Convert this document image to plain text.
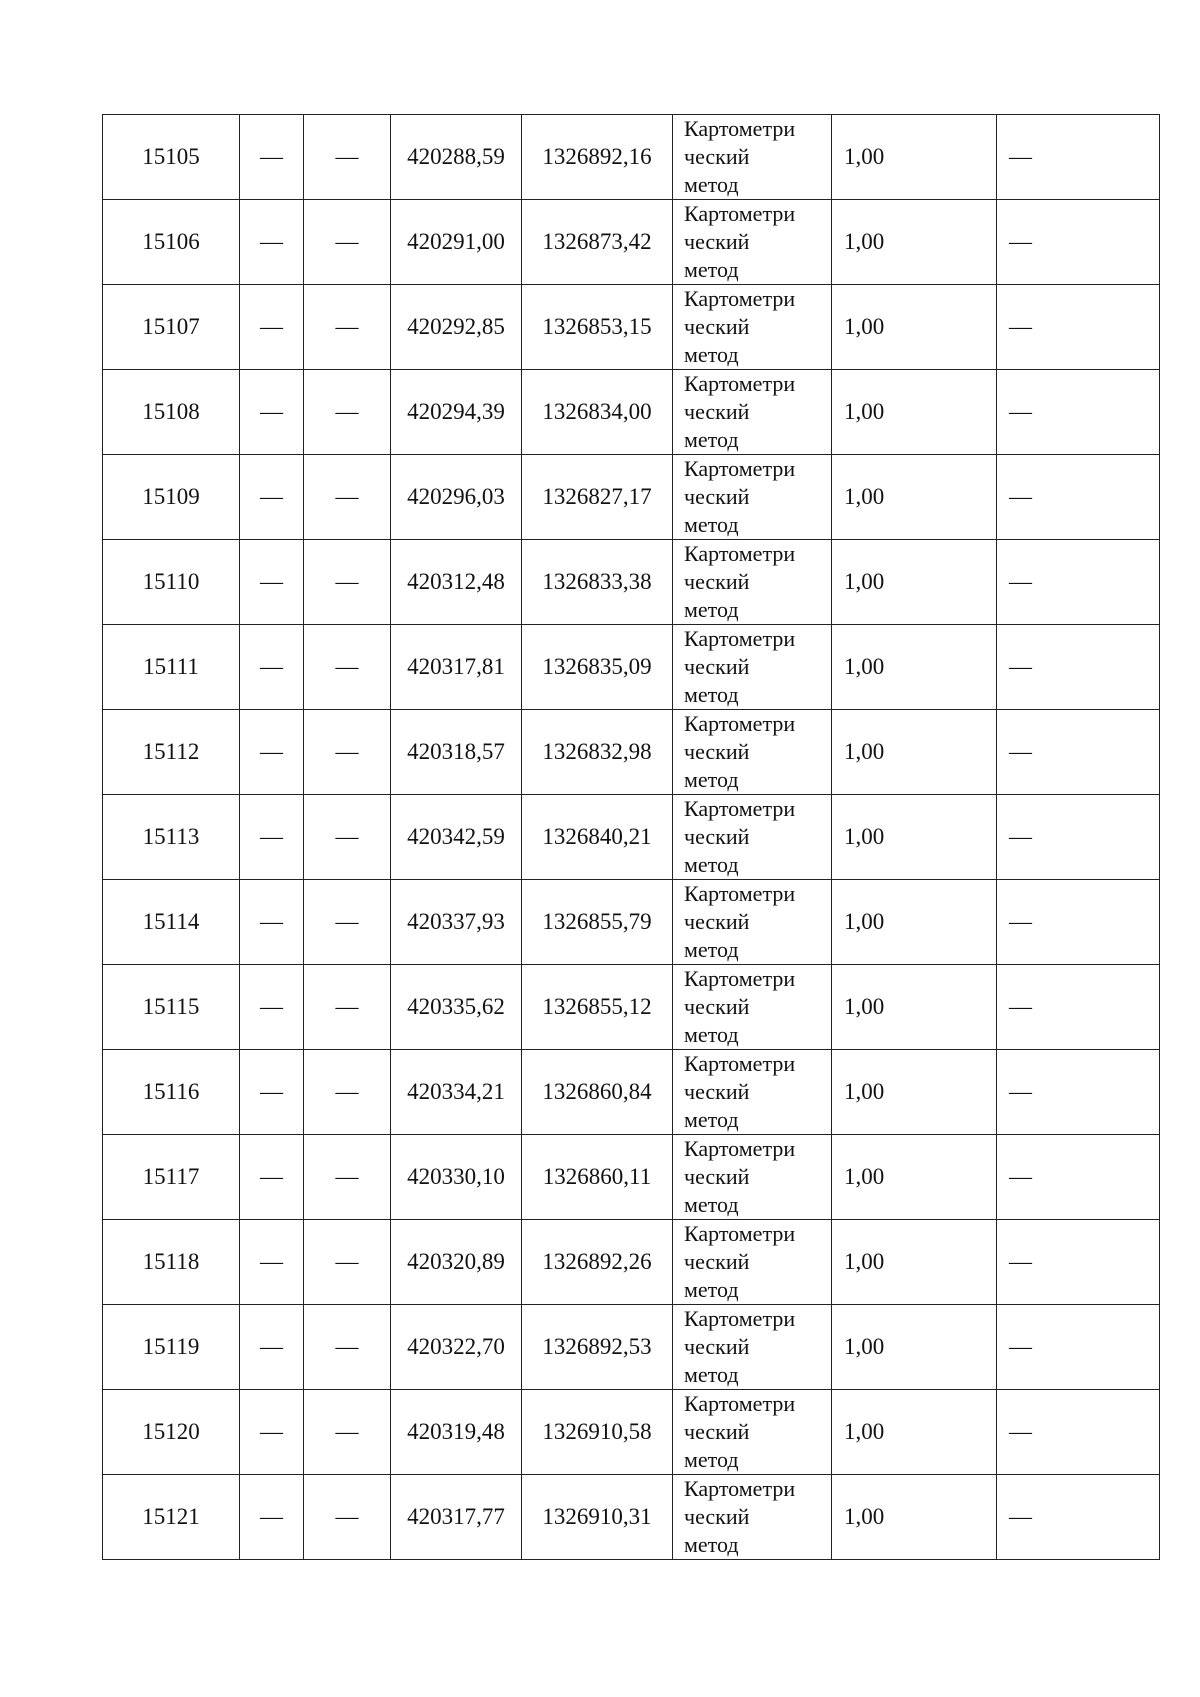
15105	—	—	420288,59	1326892,16	Картометри
ческий
метод	1,00	—
15106	—	—	420291,00	1326873,42	Картометри
ческий
метод	1,00	—
15107	—	—	420292,85	1326853,15	Картометри
ческий
метод	1,00	—
15108	—	—	420294,39	1326834,00	Картометри
ческий
метод	1,00	—
15109	—	—	420296,03	1326827,17	Картометри
ческий
метод	1,00	—
15110	—	—	420312,48	1326833,38	Картометри
ческий
метод	1,00	—
15111	—	—	420317,81	1326835,09	Картометри
ческий
метод	1,00	—
15112	—	—	420318,57	1326832,98	Картометри
ческий
метод	1,00	—
15113	—	—	420342,59	1326840,21	Картометри
ческий
метод	1,00	—
15114	—	—	420337,93	1326855,79	Картометри
ческий
метод	1,00	—
15115	—	—	420335,62	1326855,12	Картометри
ческий
метод	1,00	—
15116	—	—	420334,21	1326860,84	Картометри
ческий
метод	1,00	—
15117	—	—	420330,10	1326860,11	Картометри
ческий
метод	1,00	—
15118	—	—	420320,89	1326892,26	Картометри
ческий
метод	1,00	—
15119	—	—	420322,70	1326892,53	Картометри
ческий
метод	1,00	—
15120	—	—	420319,48	1326910,58	Картометри
ческий
метод	1,00	—
15121	—	—	420317,77	1326910,31	Картометри
ческий
метод	1,00	—
